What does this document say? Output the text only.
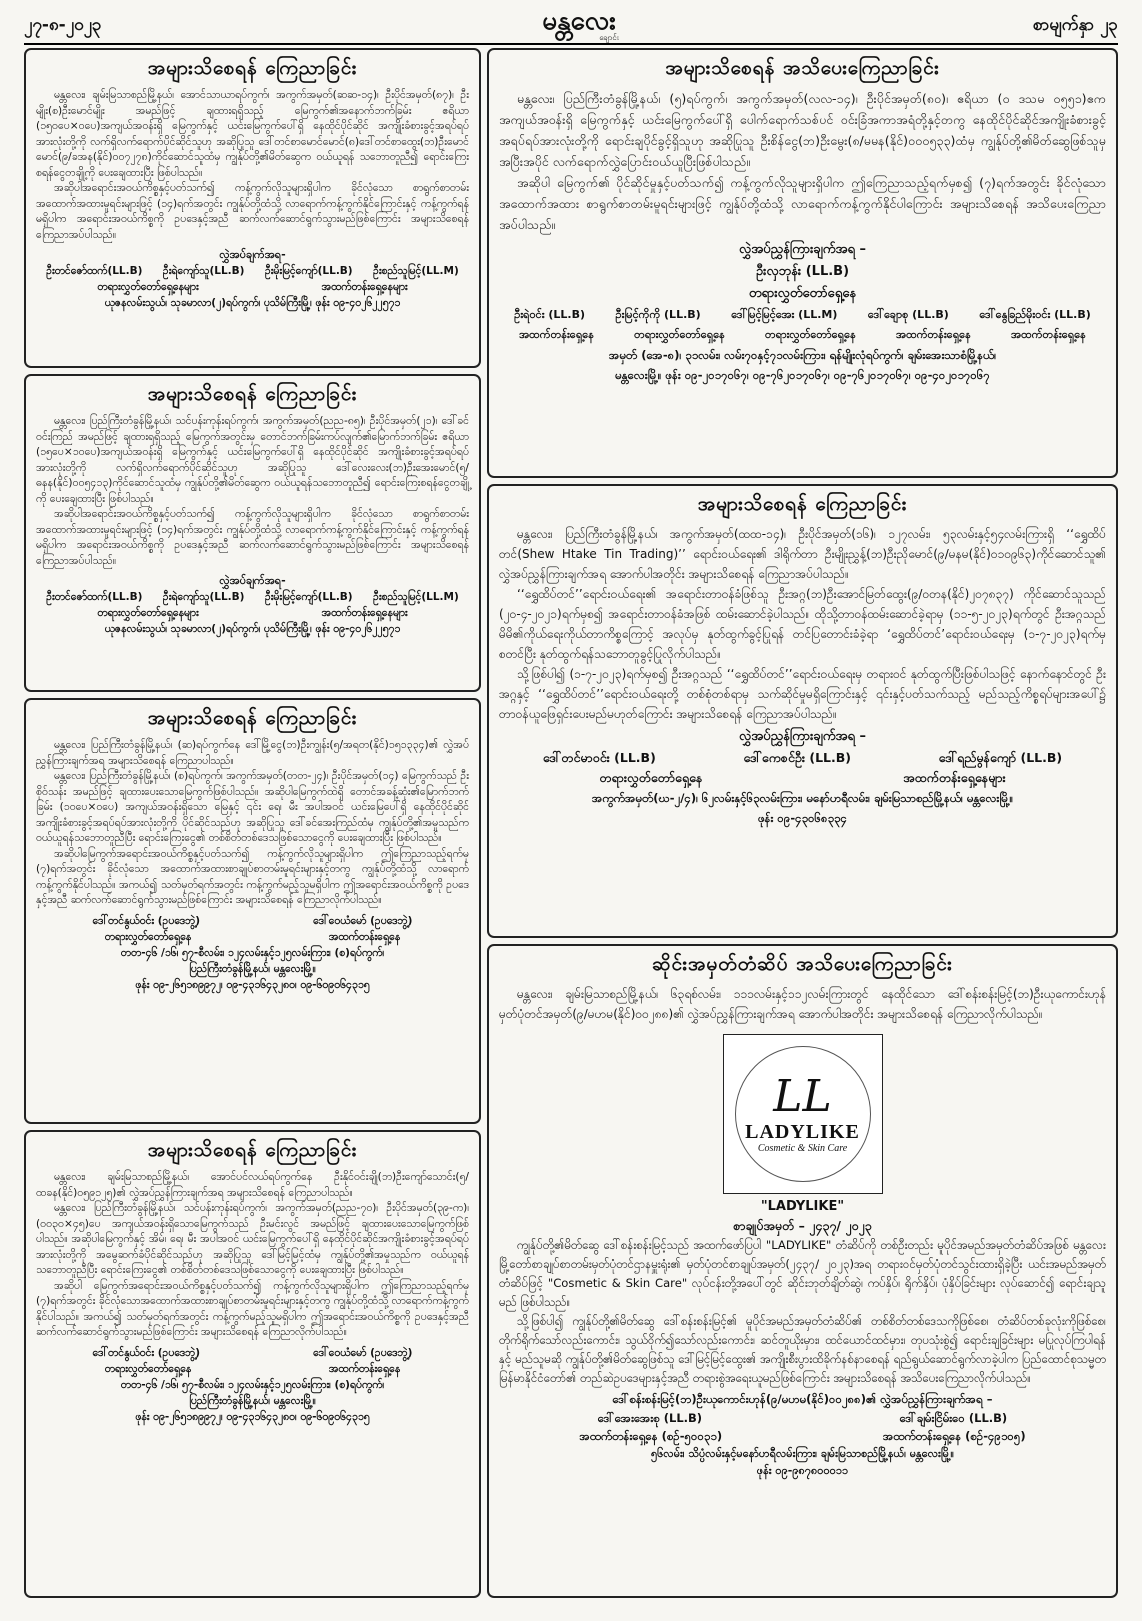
၂၇-၈-၂၀၂၃	မန္တလေး
ချောင်း
စာမျက်နှာ ၂၃
အများသိစေရန် ကြေညာခြင်း

မန္တလေး၊ ချမ်းမြသာစည်မြို့နယ်၊ အောင်သာယာရပ်ကွက်၊ အကွက်အမှတ်(ဆဆ-၁၄)၊ ဦးပိုင်အမှတ်(၈၇)၊ ဦးမျိုး(စ)ဦးမောင်မျိုး အမည်ဖြင့် ချထားရရှိသည့် မြေကွက်၏အနောက်ဘက်ခြမ်း ဧရိယာ (၁၅၀ပေ×၀ပေ)အကျယ်အဝန်းရှိ မြေကွက်နှင့် ယင်းမြေကွက်ပေါ်ရှိ နေထိုင်ပိုင်ဆိုင် အကျိုးခံစားခွင့်အရပ်ရပ်အားလုံးတို့ကို လက်ရှိလက်ရောက်ပိုင်ဆိုင်သူဟု အဆိုပြုသူ ဒေါ်တင်စာမောင်မောင်(၈)ဒေါ်တင်စာထွေး(ဘ)ဦးမောင်မောင်(၉/ခအန(နိုင်)၀၀၇၂၇၈)ကိုင်ဆောင်သူထံမှ ကျွန်ုပ်တို့၏မိတ်ဆွေက ဝယ်ယူရန် သဘောတူညီ၍ ရောင်းကြေးစရန်ငွေတချို့ကို ပေးချေထားပြီး ဖြစ်ပါသည်။

အဆိုပါအရောင်းအဝယ်ကိစ္စနှင့်ပတ်သက်၍ ကန့်ကွက်လိုသူများရှိပါက ခိုင်လုံသော စာရွက်စာတမ်းအထောက်အထားမူရင်းများဖြင့် (၁၄)ရက်အတွင်း ကျွန်ုပ်တို့ထံသို့ လာရောက်ကန့်ကွက်နိုင်ကြောင်းနှင့် ကန့်ကွက်ရန်မရှိပါက အရောင်းအဝယ်ကိစ္စကို ဥပဒေနှင့်အညီ ဆက်လက်ဆောင်ရွက်သွားမည်ဖြစ်ကြောင်း အများသိစေရန် ကြေညာအပ်ပါသည်။

လွှဲအပ်ချက်အရ-
ဦးတင်ဇော်ထက်(LL.B) ဦးရဲကျော်သူ(LL.B) ဦးမိုးမြင့်ကျော်(LL.B) ဦးစည်သူမြင့်(LL.M)
တရားလွှတ်တော်ရှေ့နေများ	အထက်တန်းရှေ့နေများ
ယုဇနလမ်းသွယ်၊ သုခမာလာ(၂)ရပ်ကွက်၊ ပုသိမ်ကြီးမြို့၊ ဖုန်း ၀၉-၄၀၂၆၂၂၅၇၁
အများသိစေရန် ကြေညာခြင်း

မန္တလေး၊ ပြည်ကြီးတံခွန်မြို့နယ်၊ သင်ပန်းကုန်းရပ်ကွက်၊ အကွက်အမှတ်(ညည-၈၅)၊ ဦးပိုင်အမှတ်(၂၁)၊ ဒေါ်ခင်ဝင်းကြည် အမည်ဖြင့် ချထားရရှိသည့် မြေကွက်အတွင်းမှ တောင်ဘက်ခြမ်းကပ်လျက်၏မြောက်ဘက်ခြမ်း ဧရိယာ (၁၅ပေ×၁၀ပေ)အကျယ်အဝန်းရှိ မြေကွက်နှင့် ယင်းမြေကွက်ပေါ်ရှိ နေထိုင်ပိုင်ဆိုင် အကျိုးခံစားခွင့်အရပ်ရပ်အားလုံးတို့ကို လက်ရှိလက်ရောက်ပိုင်ဆိုင်သူဟု အဆိုပြုသူ ဒေါ်လေးလေး(ဘ)ဦးအေးမောင်(၅/ဓနန(နိုင်)၀၀၅၄၁၃)ကိုင်ဆောင်သူထံမှ ကျွန်ုပ်တို့၏မိတ်ဆွေက ဝယ်ယူရန်သဘောတူညီ၍ ရောင်းကြေးစရန်ငွေတချို့ကို ပေးချေထားပြီး ဖြစ်ပါသည်။

အဆိုပါအရောင်းအဝယ်ကိစ္စနှင့်ပတ်သက်၍ ကန့်ကွက်လိုသူများရှိပါက ခိုင်လုံသော စာရွက်စာတမ်းအထောက်အထားမူရင်းများဖြင့် (၁၄)ရက်အတွင်း ကျွန်ုပ်တို့ထံသို့ လာရောက်ကန့်ကွက်နိုင်ကြောင်းနှင့် ကန့်ကွက်ရန်မရှိပါက အရောင်းအဝယ်ကိစ္စကို ဥပဒေနှင့်အညီ ဆက်လက်ဆောင်ရွက်သွားမည်ဖြစ်ကြောင်း အများသိစေရန် ကြေညာအပ်ပါသည်။

လွှဲအပ်ချက်အရ-
ဦးတင်ဇော်ထက်(LL.B) ဦးရဲကျော်သူ(LL.B) ဦးမိုးမြင့်ကျော်(LL.B) ဦးစည်သူမြင့်(LL.M)
တရားလွှတ်တော်ရှေ့နေများ	အထက်တန်းရှေ့နေများ
ယုဇနလမ်းသွယ်၊ သုခမာလာ(၂)ရပ်ကွက်၊ ပုသိမ်ကြီးမြို့၊ ဖုန်း ၀၉-၄၀၂၆၂၂၅၇၁
အများသိစေရန် ကြေညာခြင်း

မန္တလေး၊ ပြည်ကြီးတံခွန်မြို့နယ်၊ (ဆ)ရပ်ကွက်နေ ဒေါ်မြို့ငွေ(ဘ)ဦးကျွန်း(၅/အရတ(နိုင်)၁၅၁၃၃၄)၏ လွှဲအပ်ညွှန်ကြားချက်အရ အများသိစေရန် ကြေညာပါသည်။

မန္တလေး၊ ပြည်ကြီးတံခွန်မြို့နယ်၊ (စ)ရပ်ကွက်၊ အကွက်အမှတ်(တတ-၂၄)၊ ဦးပိုင်အမှတ်(၁၄) မြေကွက်သည် ဦးစိုဝ်သန်း အမည်ဖြင့် ချထားပေးသောမြေကွက်ဖြစ်ပါသည်။ အဆိုပါမြေကွက်ထဲရှိ တောင်အခန့်ဆုံး၏မြောက်ဘက်ခြမ်း (၁၀ပေ×၀ပေ) အကျယ်အဝန်းရှိသော မြေနှင့် ၎င်း ရေ၊ မီး အပါအဝင် ယင်းမြေပေါ်ရှိ နေထိုင်ပိုင်ဆိုင်အကျိုးခံစားခွင့်အရပ်ရပ်အားလုံးတို့ကို ပိုင်ဆိုင်သည်ဟု အဆိုပြုသူ ဒေါ်ခင်အေးကြည်ထံမှ ကျွန်ုပ်တို့၏အမှုသည်က ဝယ်ယူရန်သဘောတူညီပြီး ရောင်းကြေးငွေ၏ တစ်စိတ်တစ်ဒေသဖြစ်သောငွေကို ပေးချေထားပြီး ဖြစ်ပါသည်။

အဆိုပါမြေကွက်အရောင်းအဝယ်ကိစ္စနှင့်ပတ်သက်၍ ကန့်ကွက်လိုသူများရှိပါက ဤကြေညာသည့်ရက်မှ (၇)ရက်အတွင်း ခိုင်လုံသော အထောက်အထားစာချုပ်စာတမ်းမူရင်းများနှင့်တကွ ကျွန်ုပ်တို့ထံသို့ လာရောက်ကန့်ကွက်နိုင်ပါသည်။ အကယ်၍ သတ်မှတ်ရက်အတွင်း ကန့်ကွက်မည့်သူမရှိပါက ဤအရောင်းအဝယ်ကိစ္စကို ဥပဒေနှင့်အညီ ဆက်လက်ဆောင်ရွက်သွားမည်ဖြစ်ကြောင်း အများသိစေရန် ကြေညာလိုက်ပါသည်။

ဒေါ်တင်နွယ်ဝင်း (ဥပဒေဘွဲ့)	ဒေါ်ဝေယံမော် (ဥပဒေဘွဲ့)
တရားလွှတ်တော်ရှေ့နေ	အထက်တန်းရှေ့နေ
တတ-၄၆ /၁၆၊ ၅၇-စီလမ်း၊ ၁၂၄လမ်းနှင့်၁၂၅လမ်းကြား၊ (စ)ရပ်ကွက်၊
ပြည်ကြီးတံခွန်မြို့နယ်၊ မန္တလေးမြို့။
ဖုန်း ၀၉-၂၆၅၁၈၉၉၇၂၊ ၀၉-၄၃၁၆၄၃၂၈၀၊ ၀၉-၆၀၉၀၆၄၃၁၅
အများသိစေရန် ကြေညာခြင်း

မန္တလေး၊ ချမ်းမြသာစည်မြို့နယ်၊ အောင်ပင်လယ်ရပ်ကွက်နေ ဦးနိုင်ဝင်းချို(ဘ)ဦးကျော်သောင်း(၅/ထခန(နိုင်)၀၅၉၁၂၅)၏ လွှဲအပ်ညွှန်ကြားချက်အရ အများသိစေရန် ကြေညာပါသည်။

မန္တလေး၊ ပြည်ကြီးတံခွန်မြို့နယ်၊ သင်ပန်းကုန်းရပ်ကွက်၊ အကွက်အမှတ်(ညည-၇၀)၊ ဦးပိုင်အမှတ်(၃၉-က)၊ (၀၀၃၀×၄၅)ပေ အကျယ်အဝန်းရှိသောမြေကွက်သည် ဦးမင်းလွင် အမည်ဖြင့် ချထားပေးသောမြေကွက်ဖြစ်ပါသည်။ အဆိုပါမြေကွက်နှင့် အိမ်၊ ရေ၊ မီး အပါအဝင် ယင်းမြေကွက်ပေါ်ရှိ နေထိုင်ပိုင်ဆိုင်အကျိုးခံစားခွင့်အရပ်ရပ်အားလုံးတို့ကို အမွေဆက်ခံပိုင်ဆိုင်သည်ဟု အဆိုပြုသူ ဒေါ်မြင့်မြင့်ထံမှ ကျွန်ုပ်တို့၏အမှုသည်က ဝယ်ယူရန်သဘောတူညီပြီး ရောင်းကြေးငွေ၏ တစ်စိတ်တစ်ဒေသဖြစ်သောငွေကို ပေးချေထားပြီး ဖြစ်ပါသည်။

အဆိုပါ မြေကွက်အရောင်းအဝယ်ကိစ္စနှင့်ပတ်သက်၍ ကန့်ကွက်လိုသူများရှိပါက ဤကြေညာသည့်ရက်မှ (၇)ရက်အတွင်း ခိုင်လုံသောအထောက်အထားစာချုပ်စာတမ်းမူရင်းများနှင့်တကွ ကျွန်ုပ်တို့ထံသို့ လာရောက်ကန့်ကွက်နိုင်ပါသည်။ အကယ်၍ သတ်မှတ်ရက်အတွင်း ကန့်ကွက်မည့်သူမရှိပါက ဤအရောင်းအဝယ်ကိစ္စကို ဥပဒေနှင့်အညီ ဆက်လက်ဆောင်ရွက်သွားမည်ဖြစ်ကြောင်း အများသိစေရန် ကြေညာလိုက်ပါသည်။

ဒေါ်တင်နွယ်ဝင်း (ဥပဒေဘွဲ့)	ဒေါ်ဝေယံမော် (ဥပဒေဘွဲ့)
တရားလွှတ်တော်ရှေ့နေ	အထက်တန်းရှေ့နေ
တတ-၄၆ /၁၆၊ ၅၇-စီလမ်း၊ ၁၂၄လမ်းနှင့်၁၂၅လမ်းကြား၊ (စ)ရပ်ကွက်၊
ပြည်ကြီးတံခွန်မြို့နယ်၊ မန္တလေးမြို့။
ဖုန်း ၀၉-၂၆၅၁၈၉၉၇၂၊ ၀၉-၄၃၁၆၄၃၂၈၀၊ ၀၉-၆၀၉၀၆၄၃၁၅
အများသိစေရန် အသိပေးကြေညာခြင်း

မန္တလေး၊ ပြည်ကြီးတံခွန်မြို့နယ်၊ (၅)ရပ်ကွက်၊ အကွက်အမှတ်(လလ-၁၄)၊ ဦးပိုင်အမှတ်(၈၀)၊ ဧရိယာ (၀ ဒသမ ၀၅၅၁)ဧက အကျယ်အဝန်းရှိ မြေကွက်နှင့် ယင်းမြေကွက်ပေါ်ရှိ ပေါက်ရောက်သစ်ပင် ဝင်းခြံအကာအရံတို့နှင့်တကွ နေထိုင်ပိုင်ဆိုင်အကျိုးခံစားခွင့်အရပ်ရပ်အားလုံးတို့ကို ရောင်းချပိုင်ခွင့်ရှိသူဟု အဆိုပြုသူ ဦးစိန်ငွေ(ဘ)ဦးမွေး(၈/မမန(နိုင်)၀၀၀၅၃၃)ထံမှ ကျွန်ုပ်တို့၏မိတ်ဆွေဖြစ်သူမှ အပြီးအပိုင် လက်ရောက်လွှဲပြောင်းဝယ်ယူပြီးဖြစ်ပါသည်။

အဆိုပါ မြေကွက်၏ ပိုင်ဆိုင်မှုနှင့်ပတ်သက်၍ ကန့်ကွက်လိုသူများရှိပါက ဤကြေညာသည့်ရက်မှစ၍ (၇)ရက်အတွင်း ခိုင်လုံသော အထောက်အထား စာရွက်စာတမ်းမူရင်းများဖြင့် ကျွန်ုပ်တို့ထံသို့ လာရောက်ကန့်ကွက်နိုင်ပါကြောင်း အများသိစေရန် အသိပေးကြေညာအပ်ပါသည်။

လွှဲအပ်ညွှန်ကြားချက်အရ –
ဦးလှဘုန်း (LL.B)
တရားလွှတ်တော်ရှေ့နေ
ဦးရဲဝင်း (LL.B)	ဦးမြင့်ကိုကို (LL.B)	ဒေါ်မြင့်မြင့်အေး (LL.M)	ဒေါ်ချောစု (LL.B)	ဒေါ်နွေခြည်မိုးဝင်း (LL.B)
အထက်တန်းရှေ့နေ	တရားလွှတ်တော်ရှေ့နေ	တရားလွှတ်တော်ရှေ့နေ	အထက်တန်းရှေ့နေ	အထက်တန်းရှေ့နေ
အမှတ် (အေ-၈)၊ ၃၁လမ်း၊ လမ်း၇၀နှင့်၇၁လမ်းကြား၊ ရန်မျိုးလုံရပ်ကွက်၊ ချမ်းအေးသာစံမြို့နယ်၊
မန္တလေးမြို့။ ဖုန်း ၀၉-၂၀၁၇၀၆၇၊ ၀၉-၇၆၂၀၁၇၀၆၇၊ ၀၉-၇၆၂၀၁၇၀၆၇၊ ၀၉-၄၀၂၀၁၇၀၆၇
အများသိစေရန် ကြေညာခြင်း

မန္တလေး၊ ပြည်ကြီးတံခွန်မြို့နယ်၊ အကွက်အမှတ်(ထထ-၁၄)၊ ဦးပိုင်အမှတ်(၁၆)၊ ၁၂၇လမ်း၊ ၅၃လမ်းနှင့်၅၄လမ်းကြားရှိ ‘‘ရွှေထိပ်တင်(Shew Htake Tin Trading)’’ ရောင်းဝယ်ရေး၏ ဒါရိုက်တာ ဦးမျိုးညွှန့်(ဘ)ဦးညိုမောင်(၉/မနမ(နိုင်)၀၁၀၉၆၃)ကိုင်ဆောင်သူ၏ လွှဲအပ်ညွှန်ကြားချက်အရ အောက်ပါအတိုင်း အများသိစေရန် ကြေညာအပ်ပါသည်။

‘‘ရွှေထိပ်တင်’’ရောင်းဝယ်ရေး၏ အရောင်းတာဝန်ခံဖြစ်သူ ဦးအဂ္ဂ(ဘ)ဦးအောင်မြတ်ထွေး(၉/ဝတန(နိုင်)၂၀၇၈၃၇) ကိုင်ဆောင်သူသည် (၂၀-၄-၂၀၂၁)ရက်မှစ၍ အရောင်းတာဝန်ခံအဖြစ် ထမ်းဆောင်ခဲ့ပါသည်။ ထိုသို့တာဝန်ထမ်းဆောင်ခဲ့ရာမှ (၁၁-၅-၂၀၂၃)ရက်တွင် ဦးအဂ္ဂသည် မိမိ၏ကိုယ်ရေးကိုယ်တာကိစ္စကြောင့် အလုပ်မှ နုတ်ထွက်ခွင့်ပြုရန် တင်ပြတောင်းခံခဲ့ရာ ‘ရွှေထိပ်တင်’ရောင်းဝယ်ရေးမှ (၁-၇-၂၀၂၃)ရက်မှ စတင်ပြီး နုတ်ထွက်ရန်သဘောတူခွင့်ပြုလိုက်ပါသည်။

သို့ဖြစ်ပါ၍ (၁-၇-၂၀၂၃)ရက်မှစ၍ ဦးအဂ္ဂသည် ‘‘ရွှေထိပ်တင်’’ရောင်းဝယ်ရေးမှ တရားဝင် နုတ်ထွက်ပြီးဖြစ်ပါသဖြင့် နောက်နောင်တွင် ဦးအဂ္ဂနှင့် ‘‘ရွှေထိပ်တင်’’ရောင်းဝယ်ရေးတို့ တစ်စုံတစ်ရာမှ သက်ဆိုင်မှုမရှိကြောင်းနှင့် ၎င်းနှင့်ပတ်သက်သည့် မည်သည့်ကိစ္စရပ်များအပေါ်၌ တာဝန်ယူဖြေရှင်းပေးမည်မဟုတ်ကြောင်း အများသိစေရန် ကြေညာအပ်ပါသည်။

လွှဲအပ်ညွှန်ကြားချက်အရ –
ဒေါ်တင်မာဝင်း (LL.B)	ဒေါ်ကေစင်ဦး (LL.B)	ဒေါ်ရည်မွန်ကျော် (LL.B)
တရားလွှတ်တော်ရှေ့နေ	အထက်တန်းရှေ့နေများ
အကွက်အမှတ်(ဃ-၂/၄)၊ ၆၂လမ်းနှင့်၆၃လမ်းကြား၊ မနော်ဟရီလမ်း၊ ချမ်းမြသာစည်မြို့နယ်၊ မန္တလေးမြို့။
ဖုန်း ၀၉-၄၃၀၆၈၃၃၄
ဆိုင်းအမှတ်တံဆိပ် အသိပေးကြေညာခြင်း

မန္တလေး၊ ချမ်းမြသာစည်မြို့နယ်၊ ၆၃ရစ်လမ်း၊ ၁၁၁လမ်းနှင့်၁၁၂လမ်းကြားတွင် နေထိုင်သော ဒေါ်စန်းစန်းမြင့်(ဘ)ဦးယုကောင်းဟုန် မှတ်ပုံတင်အမှတ်(၉/မဟမ(နိုင်)၀၀၂၈၈)၏ လွှဲအပ်ညွှန်ကြားချက်အရ အောက်ပါအတိုင်း အများသိစေရန် ကြေညာလိုက်ပါသည်။

LL
LADYLIKE
Cosmetic & Skin Care
"LADYLIKE"
စာချုပ်အမှတ် – ၂၄၃၇/ ၂၀၂၃

ကျွန်ုပ်တို့၏မိတ်ဆွေ ဒေါ်စန်းစန်းမြင့်သည် အထက်ဖော်ပြပါ "LADYLIKE" တံဆိပ်ကို တစ်ဦးတည်း မူပိုင်အမည်အမှတ်တံဆိပ်အဖြစ် မန္တလေးမြို့တော်စာချုပ်စာတမ်းမှတ်ပုံတင်ဌာနမှူးရုံး၏ မှတ်ပုံတင်စာချုပ်အမှတ်(၂၄၃၇/ ၂၀၂၃)အရ တရားဝင်မှတ်ပုံတင်သွင်းထားရှိခဲ့ပြီး ယင်းအမည်အမှတ်တံဆိပ်ဖြင့် "Cosmetic & Skin Care" လုပ်ငန်းတို့အပေါ်တွင် ဆိုင်းဘုတ်ချိတ်ဆွဲ၊ ကပ်နှိပ်၊ ရိုက်နှိပ်၊ ပုံနှိပ်ခြင်းများ လုပ်ဆောင်၍ ရောင်းချသူမည် ဖြစ်ပါသည်။

သို့ဖြစ်ပါ၍ ကျွန်ုပ်တို့၏မိတ်ဆွေ ဒေါ်စန်းစန်းမြင့်၏ မူပိုင်အမည်အမှတ်တံဆိပ်၏ တစ်စိတ်တစ်ဒေသကိုဖြစ်စေ၊ တံဆိပ်တစ်ခုလုံးကိုဖြစ်စေ၊ တိုက်ရိုက်သော်လည်းကောင်း၊ သွယ်ဝိုက်၍သော်လည်းကောင်း၊ ဆင်တူယိုးမှား၊ ထင်ယောင်ထင်မှား၊ တုပသုံးစွဲ၍ ရောင်းချခြင်းများ မပြုလုပ်ကြပါရန်နှင့် မည်သူမဆို ကျွန်ုပ်တို့၏မိတ်ဆွေဖြစ်သူ ဒေါ်မြင့်မြင့်ထွေး၏ အကျိုးစီးပွားထိခိုက်နစ်နာစေရန် ရည်ရွယ်ဆောင်ရွက်လာခဲ့ပါက ပြည်ထောင်စုသမ္မတမြန်မာနိုင်ငံတော်၏ တည်ဆဲဥပဒေများနှင့်အညီ တရားစွဲအရေးယူမည်ဖြစ်ကြောင်း အများသိစေရန် အသိပေးကြေညာလိုက်ပါသည်။

ဒေါ်စန်းစန်းမြင့်(ဘ)ဦးယုကောင်းဟုန်(၉/မဟမ(နိုင်)၀၀၂၈၈)၏ လွှဲအပ်ညွှန်ကြားချက်အရ –
ဒေါ်အေးအေးစု (LL.B)	ဒေါ်ချမ်းငြိမ်းဝေ (LL.B)
အထက်တန်းရှေ့နေ (စဉ်-၅၀၀၃၁)	အထက်တန်းရှေ့နေ (စဉ်-၄၉၁၀၅)
၅၆လမ်း၊ သိပ္ပံလမ်းနှင့်မနော်ဟရီလမ်းကြား၊ ချမ်းမြသာစည်မြို့နယ်၊ မန္တလေးမြို့။
ဖုန်း ၀၉-၉၈၇၈၀၀၀၁၁
